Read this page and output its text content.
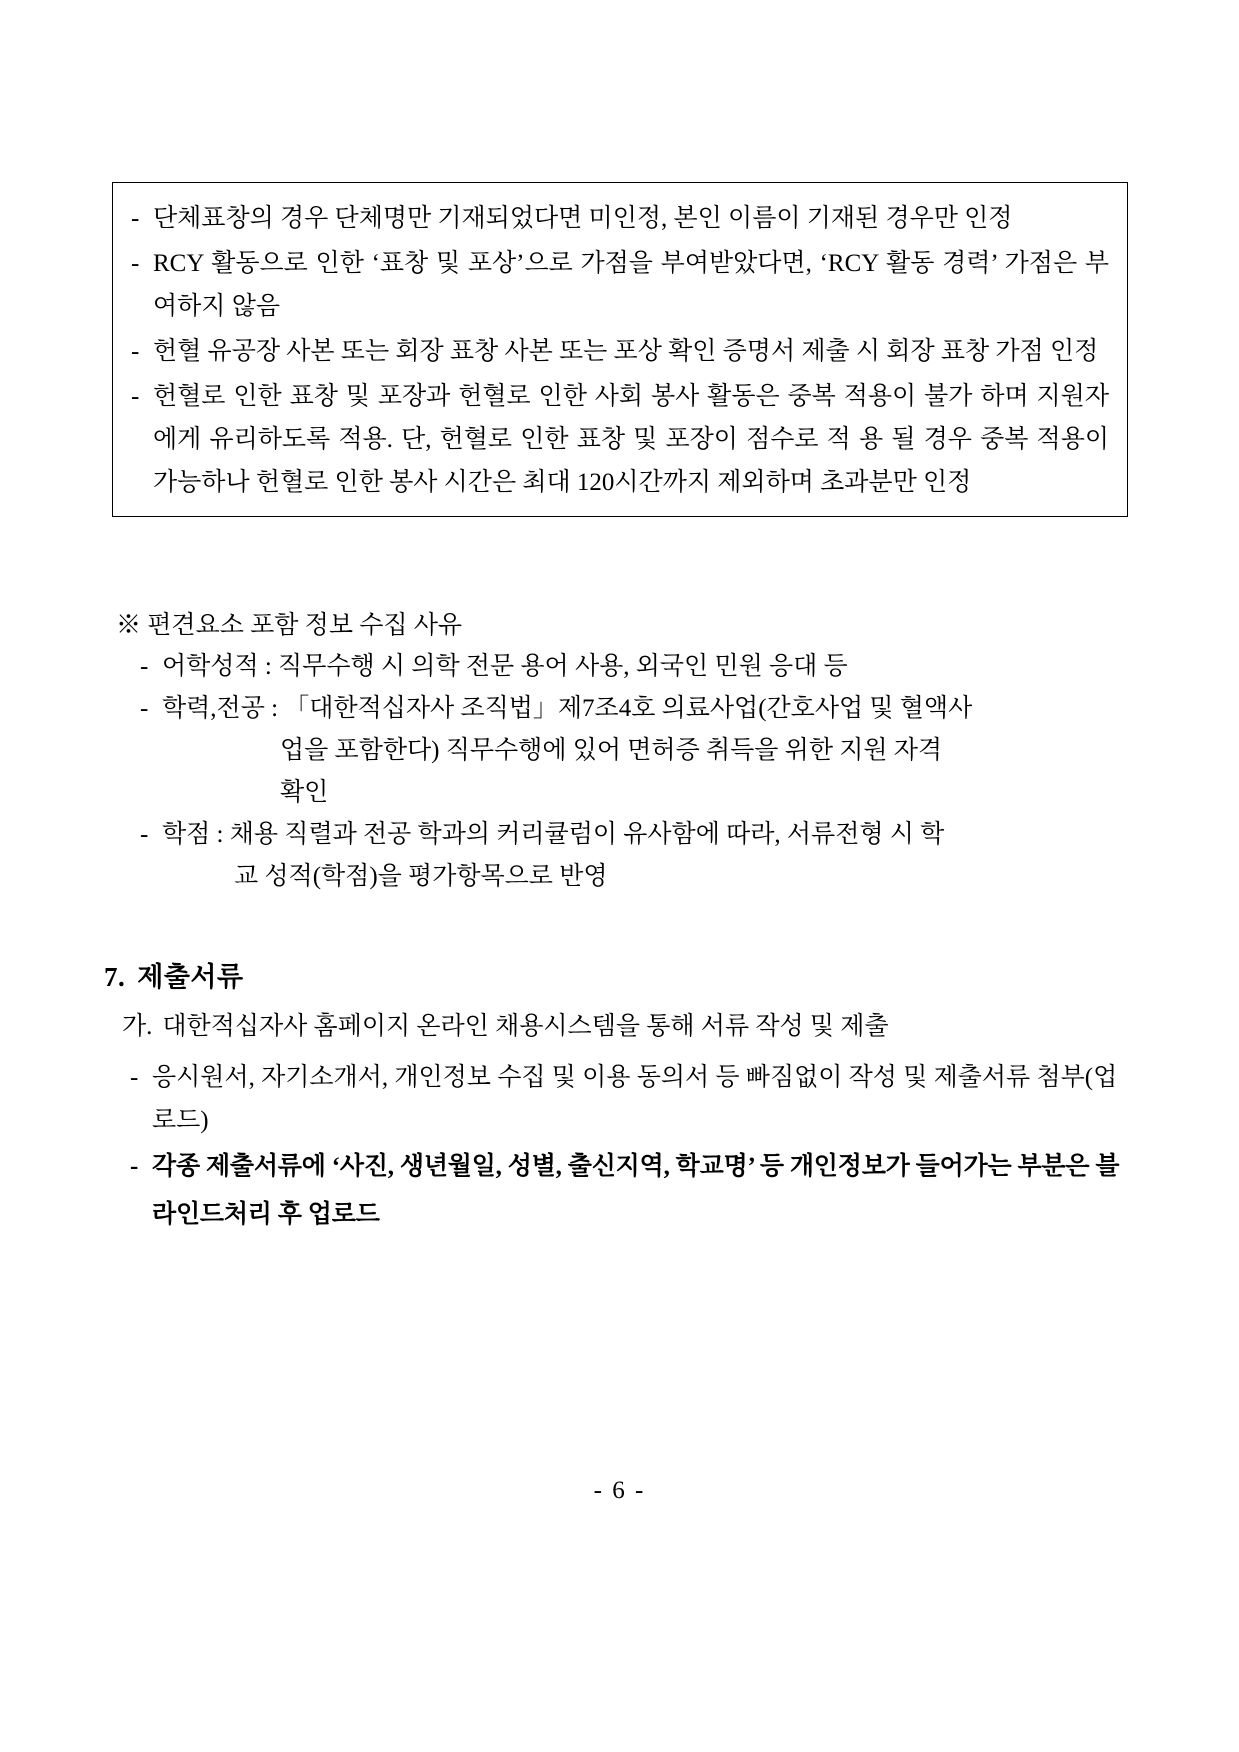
- 단체표창의 경우 단체명만 기재되었다면 미인정, 본인 이름이 기재된 경우만 인정
- RCY 활동으로 인한 ‘표창 및 포상’으로 가점을 부여받았다면, ‘RCY 활동 경력’ 가점은 부여하지 않음
- 헌혈 유공장 사본 또는 회장 표창 사본 또는 포상 확인 증명서 제출 시 회장 표창 가점 인정
- 헌혈로 인한 표창 및 포장과 헌혈로 인한 사회 봉사 활동은 중복 적용이 불가 하며 지원자에게 유리하도록 적용. 단, 헌혈로 인한 표창 및 포장이 점수로 적 용 될 경우 중복 적용이 가능하나 헌혈로 인한 봉사 시간은 최대 120시간까지 제외하며 초과분만 인정
※ 편견요소 포함 정보 수집 사유
- 어학성적 : 직무수행 시 의학 전문 용어 사용, 외국인 민원 응대 등
- 학력,전공 : 「대한적십자사 조직법」제7조4호 의료사업(간호사업 및 혈액사
업을 포함한다) 직무수행에 있어 면허증 취득을 위한 지원 자격
확인
- 학점 : 채용 직렬과 전공 학과의 커리큘럼이 유사함에 따라, 서류전형 시 학
교 성적(학점)을 평가항목으로 반영
7. 제출서류
가. 대한적십자사 홈페이지 온라인 채용시스템을 통해 서류 작성 및 제출
- 응시원서, 자기소개서, 개인정보 수집 및 이용 동의서 등 빠짐없이 작성 및 제출서류 첨부(업로드)
- 각종 제출서류에 ‘사진, 생년월일, 성별, 출신지역, 학교명’ 등 개인정보가 들어가는 부분은 블라인드처리 후 업로드
- 6 -
